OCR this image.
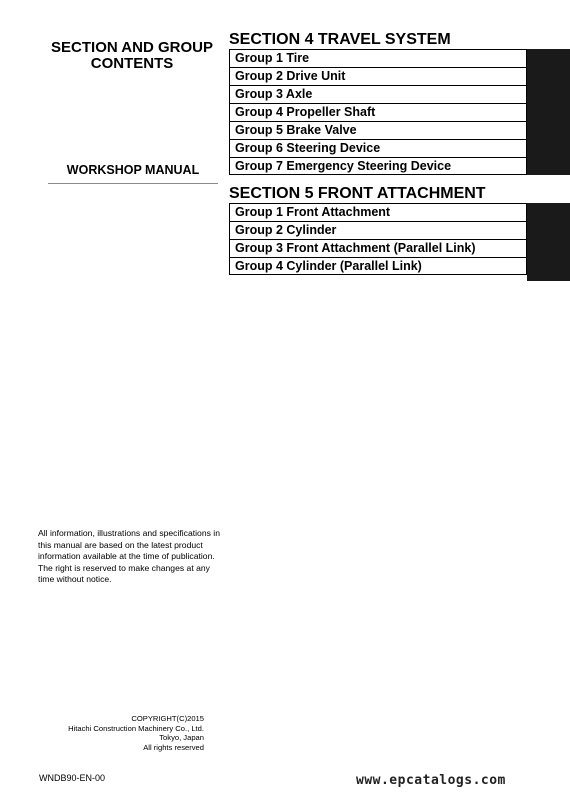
SECTION AND GROUP
CONTENTS
WORKSHOP MANUAL
SECTION 4 TRAVEL SYSTEM
Group 1 Tire
Group 2 Drive Unit
Group 3 Axle
Group 4 Propeller Shaft
Group 5 Brake Valve
Group 6 Steering Device
Group 7 Emergency Steering Device
SECTION 5 FRONT ATTACHMENT
Group 1 Front Attachment
Group 2 Cylinder
Group 3 Front Attachment (Parallel Link)
Group 4 Cylinder (Parallel Link)
All information, illustrations and specifications in this manual are based on the latest product information available at the time of publication. The right is reserved to make changes at any time without notice.
COPYRIGHT(C)2015
Hitachi Construction Machinery Co., Ltd.
Tokyo, Japan
All rights reserved
WNDB90-EN-00	www.epcatalogs.com
